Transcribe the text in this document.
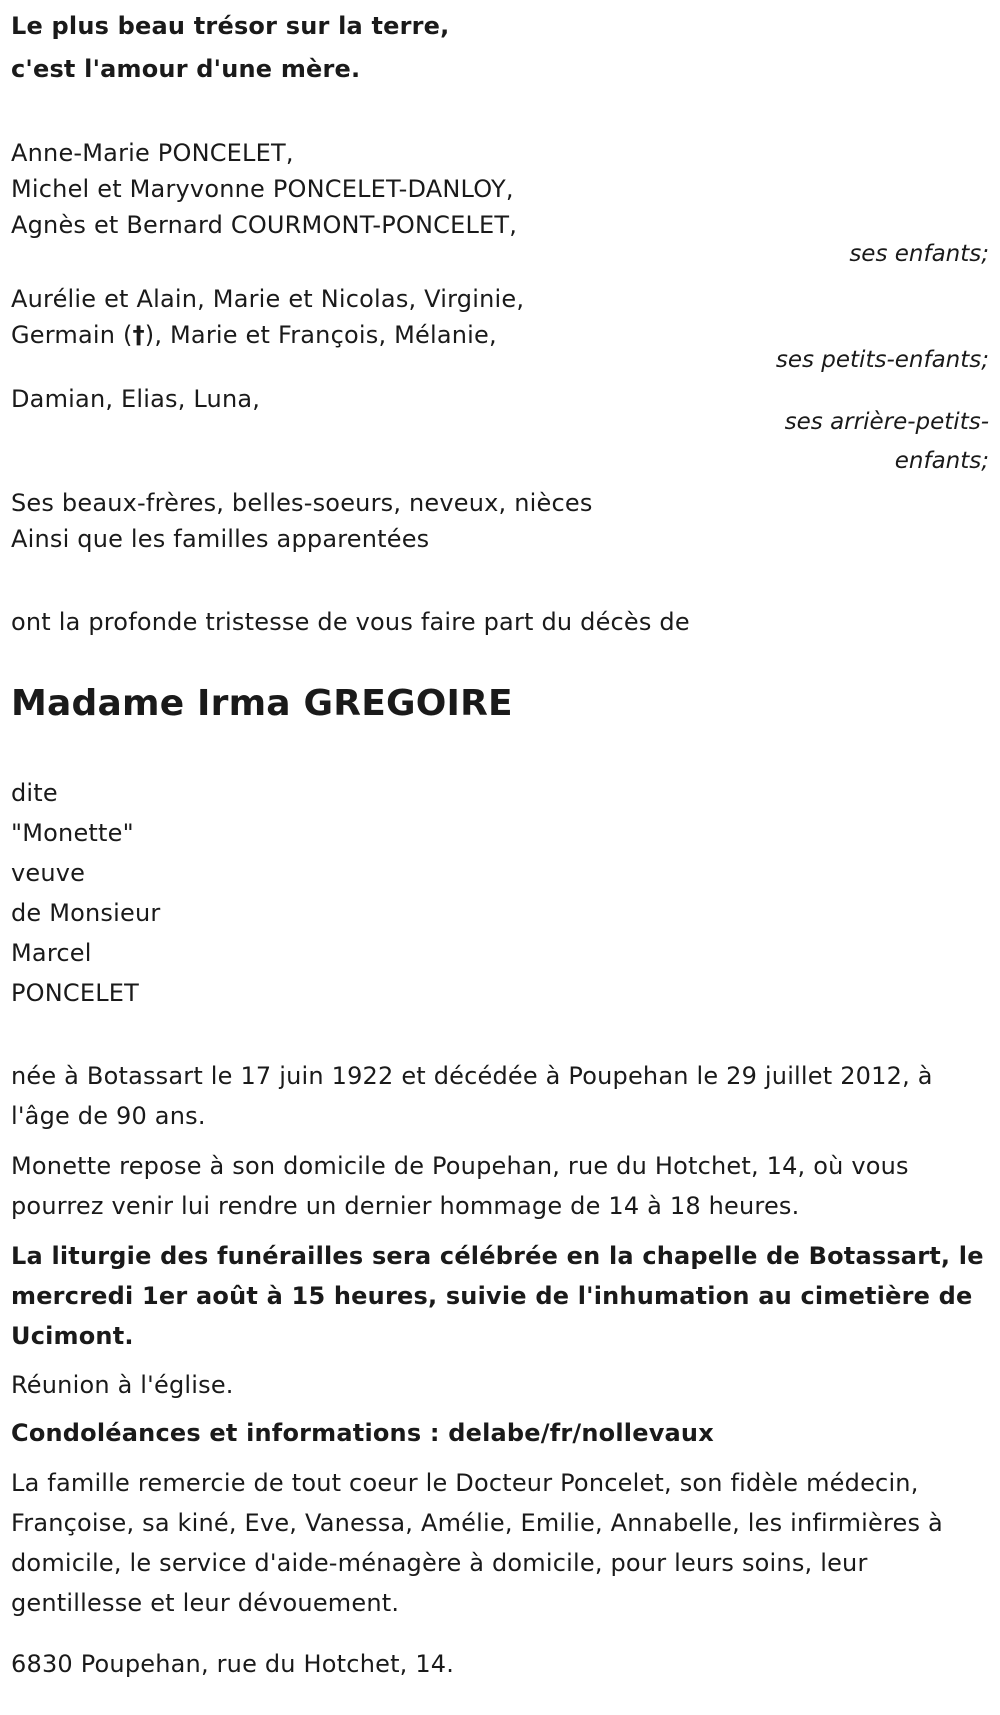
Le plus beau trésor sur la terre,
c'est l'amour d'une mère.
Anne-Marie PONCELET,
Michel et Maryvonne PONCELET-DANLOY,
Agnès et Bernard COURMONT-PONCELET,
ses enfants;
Aurélie et Alain, Marie et Nicolas, Virginie,
Germain (†), Marie et François, Mélanie,
ses petits-enfants;
Damian, Elias, Luna,
ses arrière-petits-
enfants;
Ses beaux-frères, belles-soeurs, neveux, nièces
Ainsi que les familles apparentées
ont la profonde tristesse de vous faire part du décès de
Madame Irma GREGOIRE
dite
"Monette"
veuve
de Monsieur
Marcel
PONCELET
née à Botassart le 17 juin 1922 et décédée à Poupehan le 29 juillet 2012, à l'âge de 90 ans.
Monette repose à son domicile de Poupehan, rue du Hotchet, 14, où vous pourrez venir lui rendre un dernier hommage de 14 à 18 heures.
La liturgie des funérailles sera célébrée en la chapelle de Botassart, le mercredi 1er août à 15 heures, suivie de l'inhumation au cimetière de Ucimont.
Réunion à l'église.
Condoléances et informations : delabe/fr/nollevaux
La famille remercie de tout coeur le Docteur Poncelet, son fidèle médecin, Françoise, sa kiné, Eve, Vanessa, Amélie, Emilie, Annabelle, les infirmières à domicile, le service d'aide-ménagère à domicile, pour leurs soins, leur gentillesse et leur dévouement.
6830 Poupehan, rue du Hotchet, 14.
